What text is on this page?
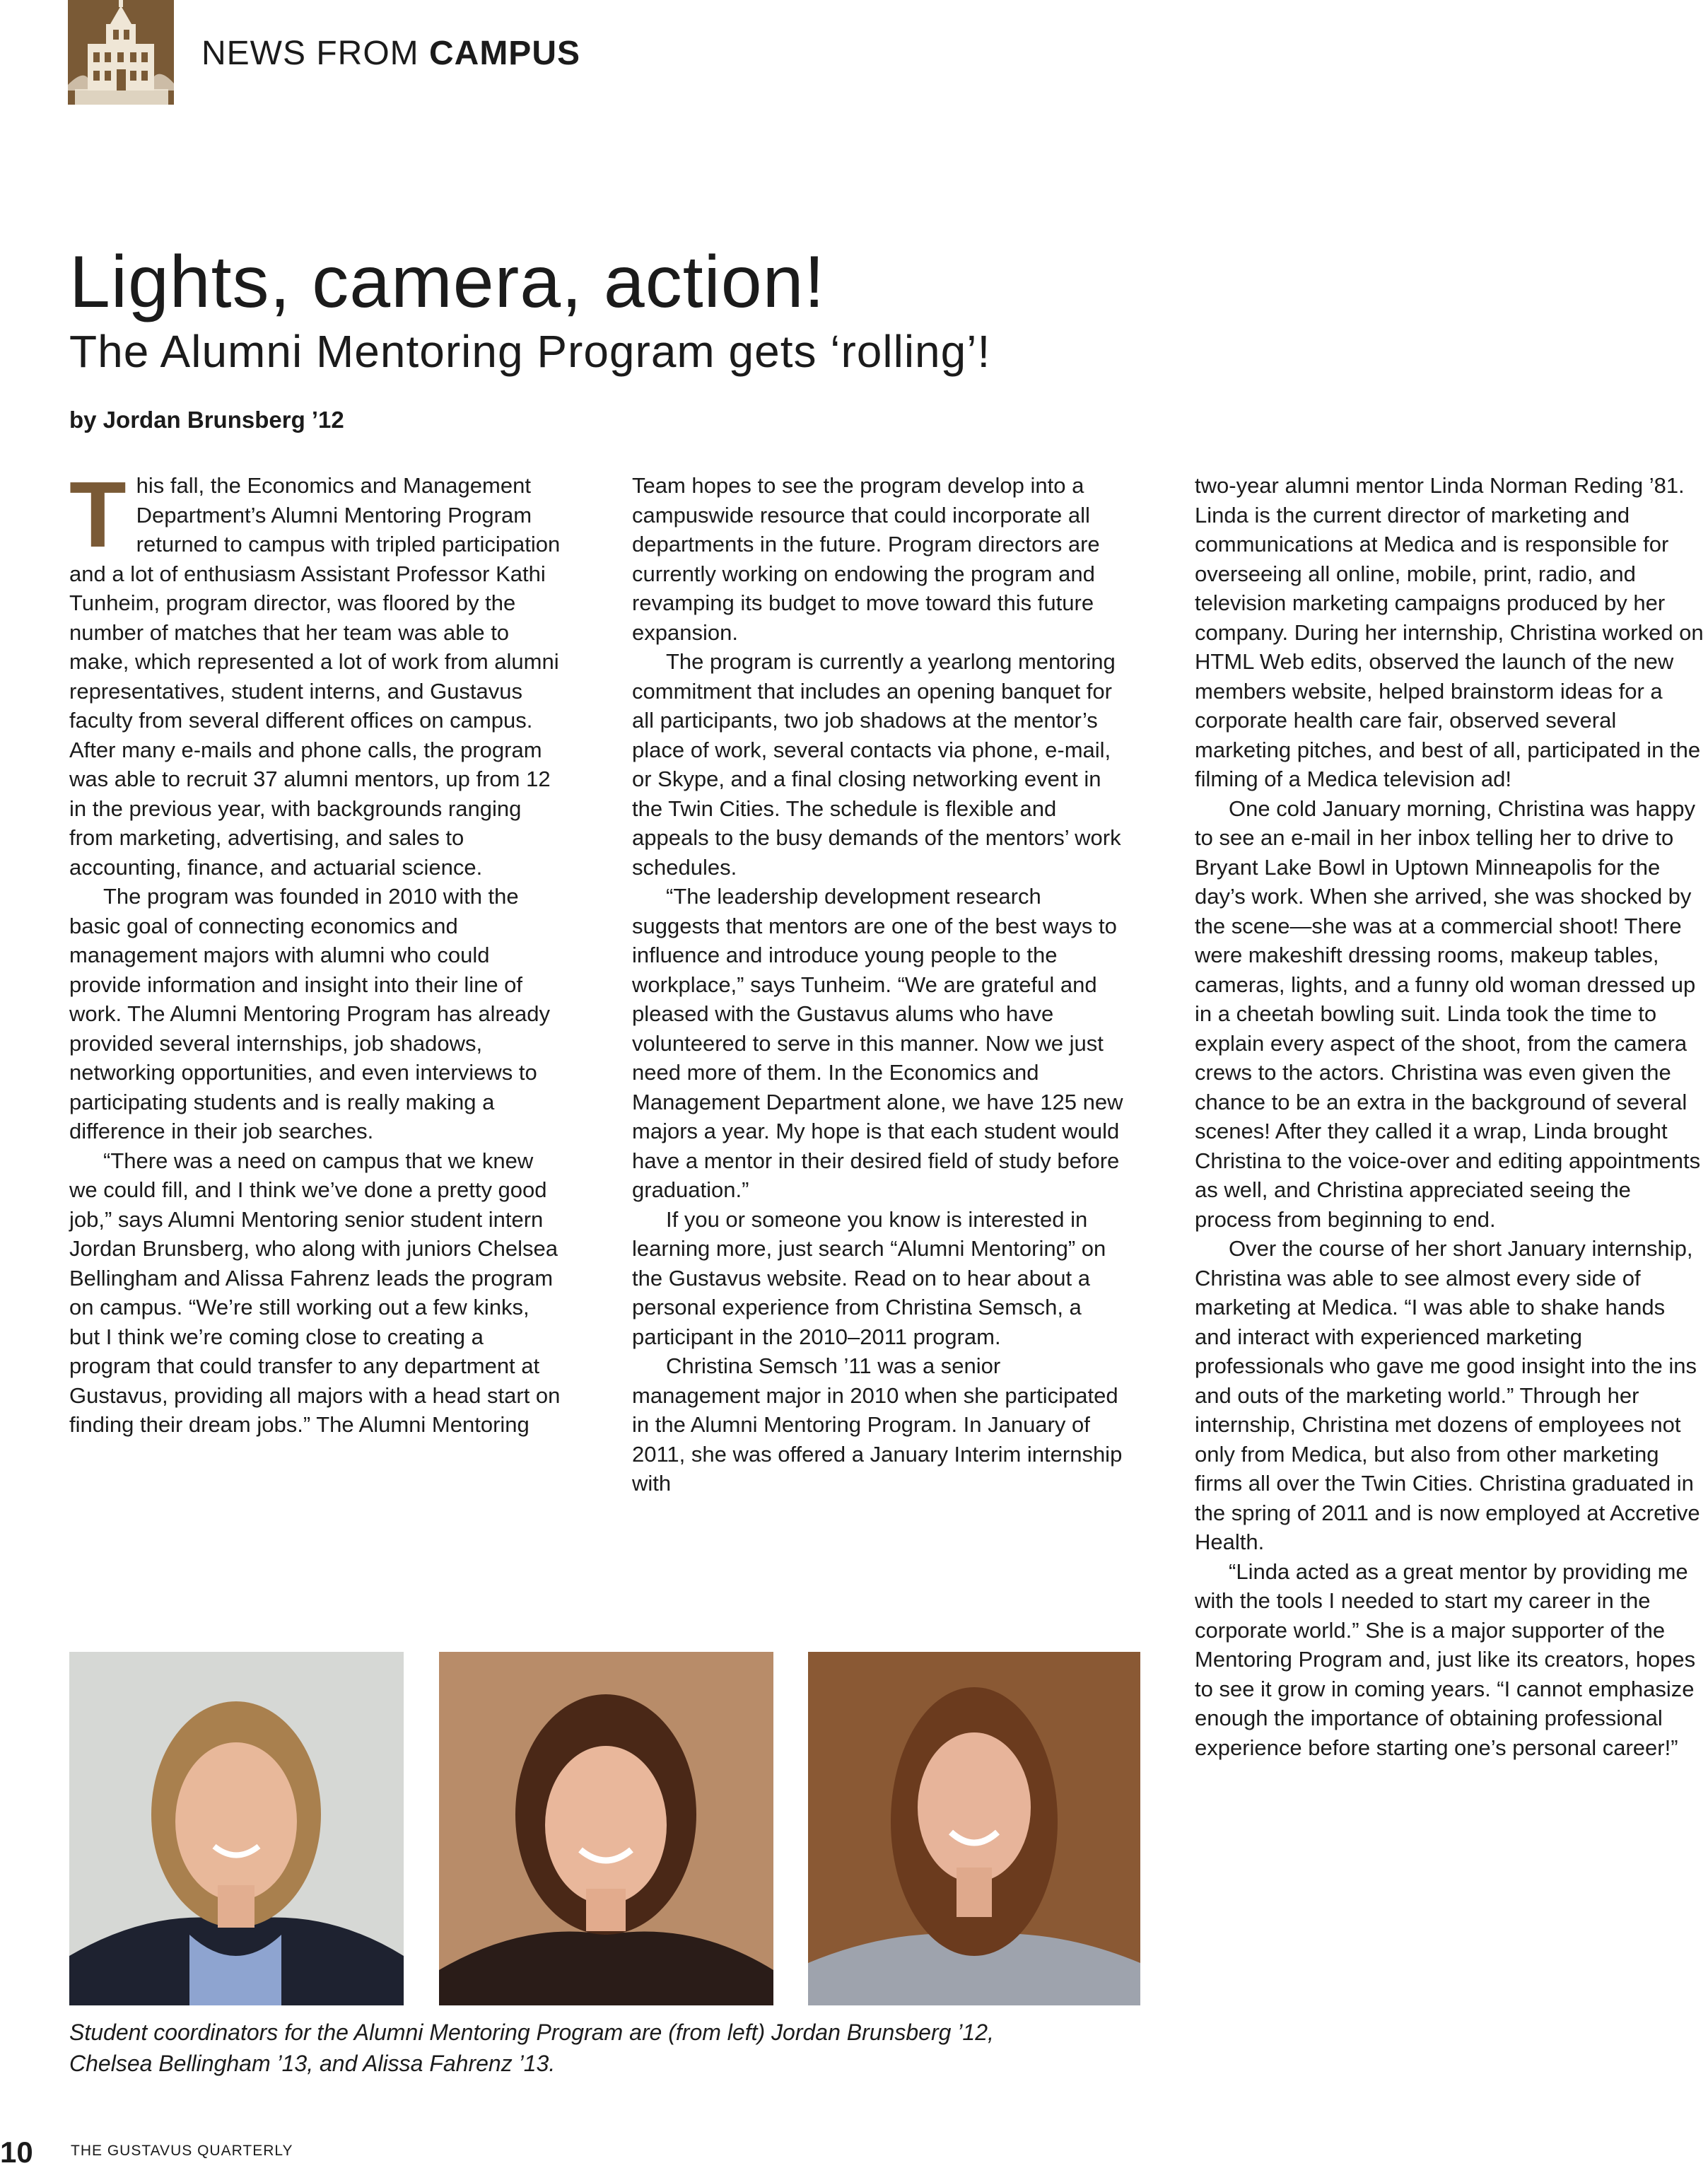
NEWS FROM CAMPUS
Lights, camera, action!
The Alumni Mentoring Program gets ‘rolling’!
by Jordan Brunsberg ’12

This fall, the Economics and Management Department’s Alumni Mentoring Program returned to campus with tripled participation and a lot of enthusiasm Assistant Professor Kathi Tunheim, program director, was floored by the number of matches that her team was able to make, which represented a lot of work from alumni representatives, student interns, and Gustavus faculty from several different offices on campus. After many e-mails and phone calls, the program was able to recruit 37 alumni mentors, up from 12 in the previous year, with backgrounds ranging from marketing, advertising, and sales to accounting, finance, and actuarial science.

The program was founded in 2010 with the basic goal of connecting economics and management majors with alumni who could provide information and insight into their line of work. The Alumni Mentoring Program has already provided several internships, job shadows, networking opportunities, and even interviews to participating students and is really making a difference in their job searches.

“There was a need on campus that we knew we could fill, and I think we’ve done a pretty good job,” says Alumni Mentoring senior student intern Jordan Brunsberg, who along with juniors Chelsea Bellingham and Alissa Fahrenz leads the program on campus. “We’re still working out a few kinks, but I think we’re coming close to creating a program that could transfer to any department at Gustavus, providing all majors with a head start on finding their dream jobs.” The Alumni Mentoring

Team hopes to see the program develop into a campuswide resource that could incorporate all departments in the future. Program directors are currently working on endowing the program and revamping its budget to move toward this future expansion.

The program is currently a yearlong mentoring commitment that includes an opening banquet for all participants, two job shadows at the mentor’s place of work, several contacts via phone, e-mail, or Skype, and a final closing networking event in the Twin Cities. The schedule is flexible and appeals to the busy demands of the mentors’ work schedules.

“The leadership development research suggests that mentors are one of the best ways to influence and introduce young people to the workplace,” says Tunheim. “We are grateful and pleased with the Gustavus alums who have volunteered to serve in this manner. Now we just need more of them. In the Economics and Management Department alone, we have 125 new majors a year. My hope is that each student would have a mentor in their desired field of study before graduation.”

If you or someone you know is interested in learning more, just search “Alumni Mentoring” on the Gustavus website. Read on to hear about a personal experience from Christina Semsch, a participant in the 2010–2011 program.

Christina Semsch ’11 was a senior management major in 2010 when she participated in the Alumni Mentoring Program. In January of 2011, she was offered a January Interim internship with

two-year alumni mentor Linda Norman Reding ’81. Linda is the current director of marketing and communications at Medica and is responsible for overseeing all online, mobile, print, radio, and television marketing campaigns produced by her company. During her internship, Christina worked on HTML Web edits, observed the launch of the new members website, helped brainstorm ideas for a corporate health care fair, observed several marketing pitches, and best of all, participated in the filming of a Medica television ad!

One cold January morning, Christina was happy to see an e-mail in her inbox telling her to drive to Bryant Lake Bowl in Uptown Minneapolis for the day’s work. When she arrived, she was shocked by the scene—she was at a commercial shoot! There were makeshift dressing rooms, makeup tables, cameras, lights, and a funny old woman dressed up in a cheetah bowling suit. Linda took the time to explain every aspect of the shoot, from the camera crews to the actors. Christina was even given the chance to be an extra in the background of several scenes! After they called it a wrap, Linda brought Christina to the voice-over and editing appointments as well, and Christina appreciated seeing the process from beginning to end.

Over the course of her short January internship, Christina was able to see almost every side of marketing at Medica. “I was able to shake hands and interact with experienced marketing professionals who gave me good insight into the ins and outs of the marketing world.” Through her internship, Christina met dozens of employees not only from Medica, but also from other marketing firms all over the Twin Cities. Christina graduated in the spring of 2011 and is now employed at Accretive Health.

“Linda acted as a great mentor by providing me with the tools I needed to start my career in the corporate world.” She is a major supporter of the Mentoring Program and, just like its creators, hopes to see it grow in coming years. “I cannot emphasize enough the importance of obtaining professional experience before starting one’s personal career!”

Student coordinators for the Alumni Mentoring Program are (from left) Jordan Brunsberg ’12,
Chelsea Bellingham ’13, and Alissa Fahrenz ’13.
10	THE GUSTAVUS QUARTERLY
